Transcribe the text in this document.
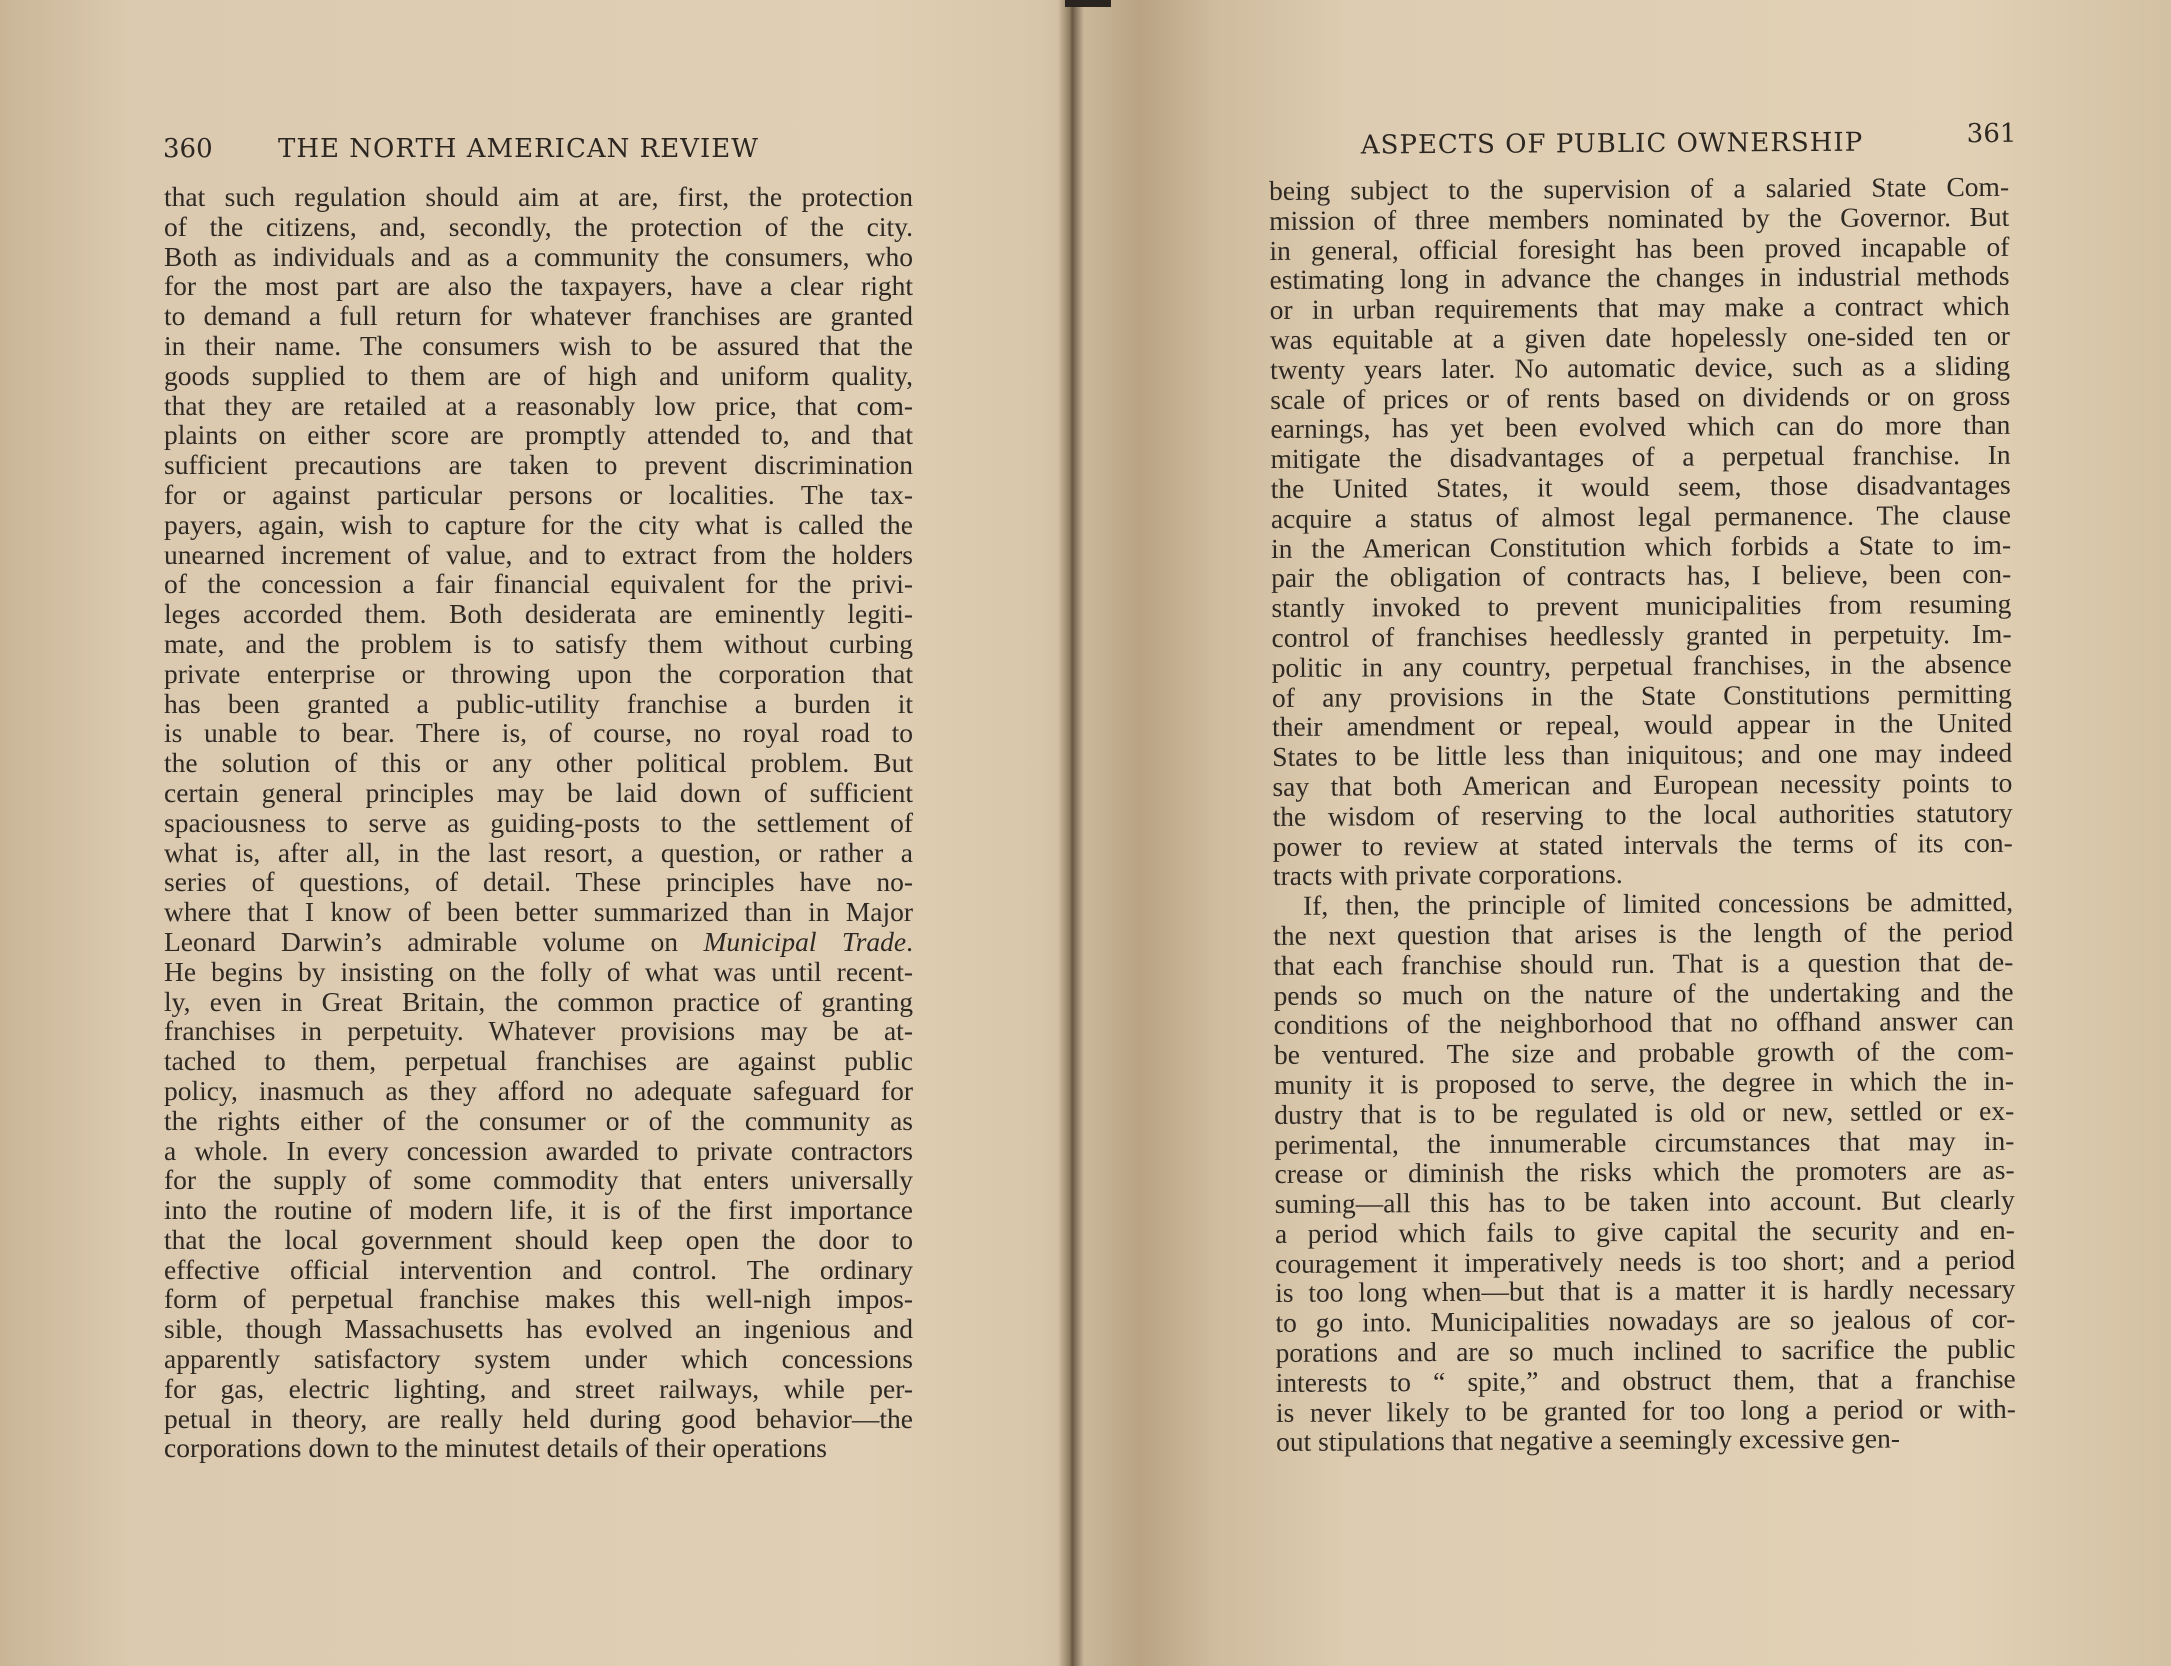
360	THE NORTH AMERICAN REVIEW
that such regulation should aim at are, first, the protection
of the citizens, and, secondly, the protection of the city.
Both as individuals and as a community the consumers, who
for the most part are also the taxpayers, have a clear right
to demand a full return for whatever franchises are granted
in their name. The consumers wish to be assured that the
goods supplied to them are of high and uniform quality,
that they are retailed at a reasonably low price, that com-
plaints on either score are promptly attended to, and that
sufficient precautions are taken to prevent discrimination
for or against particular persons or localities. The tax-
payers, again, wish to capture for the city what is called the
unearned increment of value, and to extract from the holders
of the concession a fair financial equivalent for the privi-
leges accorded them. Both desiderata are eminently legiti-
mate, and the problem is to satisfy them without curbing
private enterprise or throwing upon the corporation that
has been granted a public-utility franchise a burden it
is unable to bear. There is, of course, no royal road to
the solution of this or any other political problem. But
certain general principles may be laid down of sufficient
spaciousness to serve as guiding-posts to the settlement of
what is, after all, in the last resort, a question, or rather a
series of questions, of detail. These principles have no-
where that I know of been better summarized than in Major
Leonard Darwin’s admirable volume on Municipal Trade.
He begins by insisting on the folly of what was until recent-
ly, even in Great Britain, the common practice of granting
franchises in perpetuity. Whatever provisions may be at-
tached to them, perpetual franchises are against public
policy, inasmuch as they afford no adequate safeguard for
the rights either of the consumer or of the community as
a whole. In every concession awarded to private contractors
for the supply of some commodity that enters universally
into the routine of modern life, it is of the first importance
that the local government should keep open the door to
effective official intervention and control. The ordinary
form of perpetual franchise makes this well-nigh impos-
sible, though Massachusetts has evolved an ingenious and
apparently satisfactory system under which concessions
for gas, electric lighting, and street railways, while per-
petual in theory, are really held during good behavior—the
corporations down to the minutest details of their operations
ASPECTS OF PUBLIC OWNERSHIP	361
being subject to the supervision of a salaried State Com-
mission of three members nominated by the Governor. But
in general, official foresight has been proved incapable of
estimating long in advance the changes in industrial methods
or in urban requirements that may make a contract which
was equitable at a given date hopelessly one-sided ten or
twenty years later. No automatic device, such as a sliding
scale of prices or of rents based on dividends or on gross
earnings, has yet been evolved which can do more than
mitigate the disadvantages of a perpetual franchise. In
the United States, it would seem, those disadvantages
acquire a status of almost legal permanence. The clause
in the American Constitution which forbids a State to im-
pair the obligation of contracts has, I believe, been con-
stantly invoked to prevent municipalities from resuming
control of franchises heedlessly granted in perpetuity. Im-
politic in any country, perpetual franchises, in the absence
of any provisions in the State Constitutions permitting
their amendment or repeal, would appear in the United
States to be little less than iniquitous; and one may indeed
say that both American and European necessity points to
the wisdom of reserving to the local authorities statutory
power to review at stated intervals the terms of its con-
tracts with private corporations.
If, then, the principle of limited concessions be admitted,
the next question that arises is the length of the period
that each franchise should run. That is a question that de-
pends so much on the nature of the undertaking and the
conditions of the neighborhood that no offhand answer can
be ventured. The size and probable growth of the com-
munity it is proposed to serve, the degree in which the in-
dustry that is to be regulated is old or new, settled or ex-
perimental, the innumerable circumstances that may in-
crease or diminish the risks which the promoters are as-
suming—all this has to be taken into account. But clearly
a period which fails to give capital the security and en-
couragement it imperatively needs is too short; and a period
is too long when—but that is a matter it is hardly necessary
to go into. Municipalities nowadays are so jealous of cor-
porations and are so much inclined to sacrifice the public
interests to “ spite,” and obstruct them, that a franchise
is never likely to be granted for too long a period or with-
out stipulations that negative a seemingly excessive gen-
